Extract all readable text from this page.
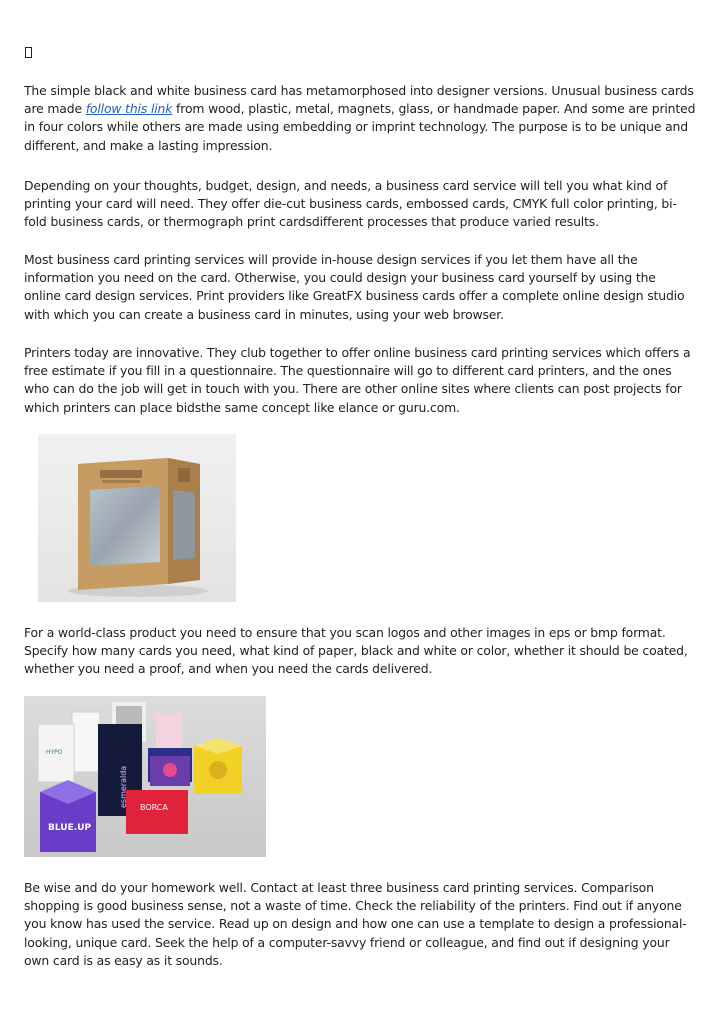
The simple black and white business card has metamorphosed into designer versions. Unusual business cards are made follow this link from wood, plastic, metal, magnets, glass, or handmade paper. And some are printed in four colors while others are made using embedding or imprint technology. The purpose is to be unique and different, and make a lasting impression.

Depending on your thoughts, budget, design, and needs, a business card service will tell you what kind of printing your card will need. They offer die-cut business cards, embossed cards, CMYK full color printing, bi-fold business cards, or thermograph print cardsdifferent processes that produce varied results.

Most business card printing services will provide in-house design services if you let them have all the information you need on the card. Otherwise, you could design your business card yourself by using the online card design services. Print providers like GreatFX business cards offer a complete online design studio with which you can create a business card in minutes, using your web browser.

Printers today are innovative. They club together to offer online business card printing services which offers a free estimate if you fill in a questionnaire. The questionnaire will go to different card printers, and the ones who can do the job will get in touch with you. There are other online sites where clients can post projects for which printers can place bidsthe same concept like elance or guru.com.

For a world-class product you need to ensure that you scan logos and other images in eps or bmp format. Specify how many cards you need, what kind of paper, black and white or color, whether it should be coated, whether you need a proof, and when you need the cards delivered.

HYPO
esmeralda
BLUE.UP
BORCA

Be wise and do your homework well. Contact at least three business card printing services. Comparison shopping is good business sense, not a waste of time. Check the reliability of the printers. Find out if anyone you know has used the service. Read up on design and how one can use a template to design a professional-looking, unique card. Seek the help of a computer-savvy friend or colleague, and find out if designing your own card is as easy as it sounds.
